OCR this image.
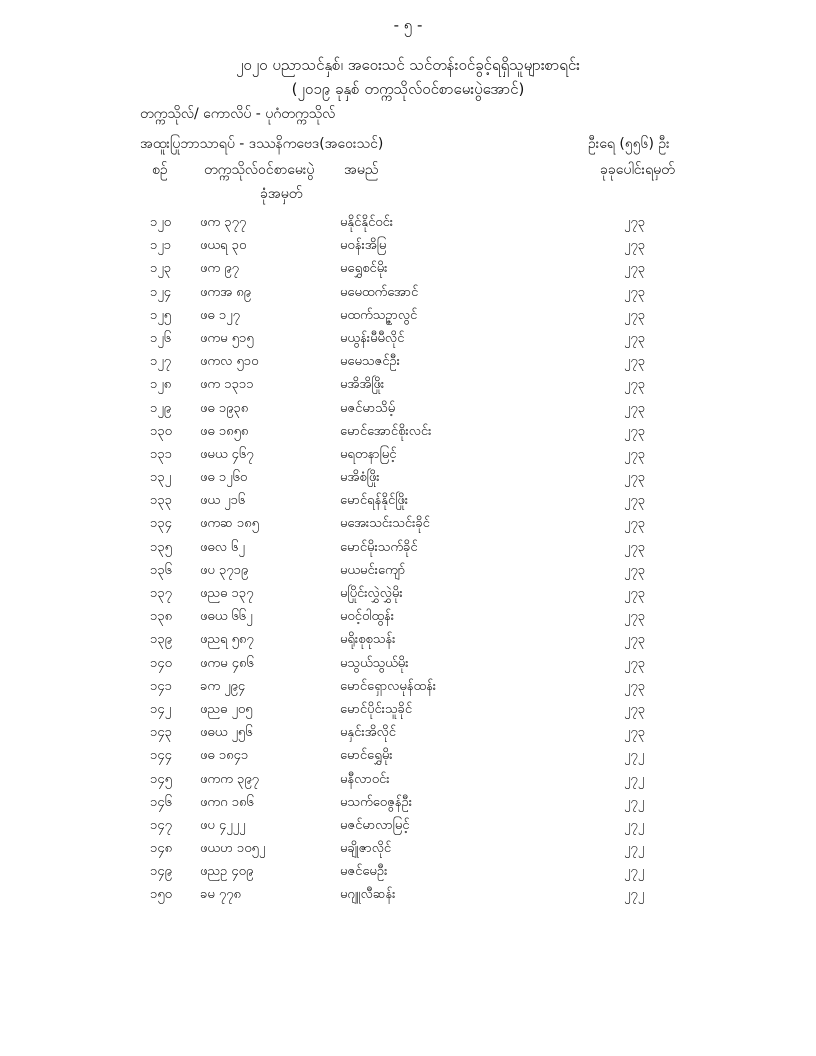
- ၅ -
၂၀၂၀ ပညာသင်နှစ်၊ အဝေးသင် သင်တန်းဝင်ခွင့်ရရှိသူများစာရင်း
(၂၀၁၉ ခုနှစ် တက္ကသိုလ်ဝင်စာမေးပွဲအောင်)
တက္ကသိုလ်/ ကောလိပ် - ပုဂံတက္ကသိုလ်
အထူးပြုဘာသာရပ် - ဒဿနိကဗေဒ(အဝေးသင်)	ဦးရေ (၅၅၆) ဦး
စဉ်	တက္ကသိုလ်ဝင်စာမေးပွဲ
ခုံအမှတ်
အမည်	ခုခုပေါင်းရမှတ်
၁၂၀ ဖက ၃၇၇	မနိုင်နိုင်ဝင်း	၂၇၃
၁၂၁ ဖယရ ၃၀	မဝန်းအိမြ	၂၇၃
၁၂၃ ဖက ၉၇	မရွှေစင်မိုး	၂၇၃
၁၂၄ ဖကအ ၈၉	မမေထက်အောင်	၂၇၃
၁၂၅ ဖဓ ၁၂၇	မထက်သဉ္ဇာလွင်	၂၇၃
၁၂၆ ဖကမ ၅၁၅	မယွန်းမီမီလိုင်	၂၇၃
၁၂၇ ဖကလ ၅၁၀	မမေသဇင်ဦး	၂၇၃
၁၂၈ ဖက ၁၃၁၁	မအိအိဖြိုး	၂၇၃
၁၂၉ ဖဓ ၁၉၃၈	မဇင်မာသိမ့်	၂၇၃
၁၃၀ ဖဓ ၁၈၅၈	မောင်အောင်စိုးလင်း	၂၇၃
၁၃၁ ဖမယ ၄၆၇	မရတနာမြင့်	၂၇၃
၁၃၂ ဖဓ ၁၂၆၀	မအိစံဖြိုး	၂၇၃
၁၃၃ ဖယ ၂၁၆	မောင်ရန်နိုင်ဖြိုး	၂၇၃
၁၃၄ ဖကဆ ၁၈၅	မအေးသင်းသင်းခိုင်	၂၇၃
၁၃၅ ဖဓလ ၆၂	မောင်မိုးသက်ခိုင်	၂၇၃
၁၃၆ ဖပ ၃၇၁၉	မယမင်းကျော်	၂၇၃
၁၃၇ ဖညဓ ၁၃၇	မပြိုင်းလွှဲလွှဲမိုး	၂၇၃
၁၃၈ ဖဓယ ၆၆၂	မဝင့်ဝါထွန်း	၂၇၃
၁၃၉ ဖညရ ၅၈၇	မရိုးစုစုသန်း	၂၇၃
၁၄၀ ဖကမ ၄၈၆	မသွယ်သွယ်မိုး	၂၇၃
၁၄၁ ခက ၂၉၄	မောင်ရှောလမုန်ထန်း	၂၇၃
၁၄၂ ဖညဓ ၂၀၅	မောင်ပိုင်းသူခိုင်	၂၇၃
၁၄၃ ဖဓယ ၂၅၆	မနှင်းအိလိုင်	၂၇၃
၁၄၄ ဖဓ ၁၈၄၁	မောင်ရွှေမိုး	၂၇၂
၁၄၅ ဖကက ၃၉၇	မနီလာဝင်း	၂၇၂
၁၄၆ ဖကဂ ၁၈၆	မသက်ဝေဇွန်ဦး	၂၇၂
၁၄၇ ဖပ ၄၂၂၂	မဇင်မာလာမြင့်	၂၇၂
၁၄၈ ဖယဟ ၁၀၅၂	မချိုဇာလိုင်	၂၇၂
၁၄၉ ဖညဥ ၄၀၉	မဇင်မေဦး	၂၇၂
၁၅၀ ခမ ၇၇၈	မဂျူလီဆန်း	၂၇၂
